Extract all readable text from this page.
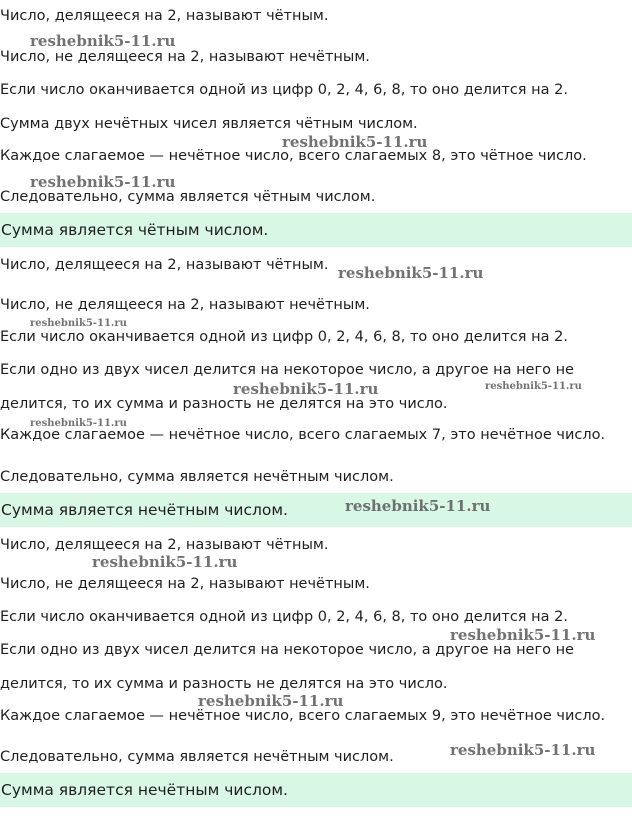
Число, делящееся на 2, называют чётным.
Число, не делящееся на 2, называют нечётным.
Если число оканчивается одной из цифр 0, 2, 4, 6, 8, то оно делится на 2.
Сумма двух нечётных чисел является чётным числом.
Каждое слагаемое — нечётное число, всего слагаемых 8, это чётное число.
Следовательно, сумма является чётным числом.
Сумма является чётным числом.
Число, делящееся на 2, называют чётным.
Число, не делящееся на 2, называют нечётным.
Если число оканчивается одной из цифр 0, 2, 4, 6, 8, то оно делится на 2.
Если одно из двух чисел делится на некоторое число, а другое на него не
делится, то их сумма и разность не делятся на это число.
Каждое слагаемое — нечётное число, всего слагаемых 7, это нечётное число.
Следовательно, сумма является нечётным числом.
Сумма является нечётным числом.
Число, делящееся на 2, называют чётным.
Число, не делящееся на 2, называют нечётным.
Если число оканчивается одной из цифр 0, 2, 4, 6, 8, то оно делится на 2.
Если одно из двух чисел делится на некоторое число, а другое на него не
делится, то их сумма и разность не делятся на это число.
Каждое слагаемое — нечётное число, всего слагаемых 9, это нечётное число.
Следовательно, сумма является нечётным числом.
Сумма является нечётным числом.
reshebnik5-11.ru
reshebnik5-11.ru
reshebnik5-11.ru
reshebnik5-11.ru
reshebnik5-11.ru
reshebnik5-11.ru	reshebnik5-11.ru
reshebnik5-11.ru
reshebnik5-11.ru
reshebnik5-11.ru
reshebnik5-11.ru
reshebnik5-11.ru
reshebnik5-11.ru
